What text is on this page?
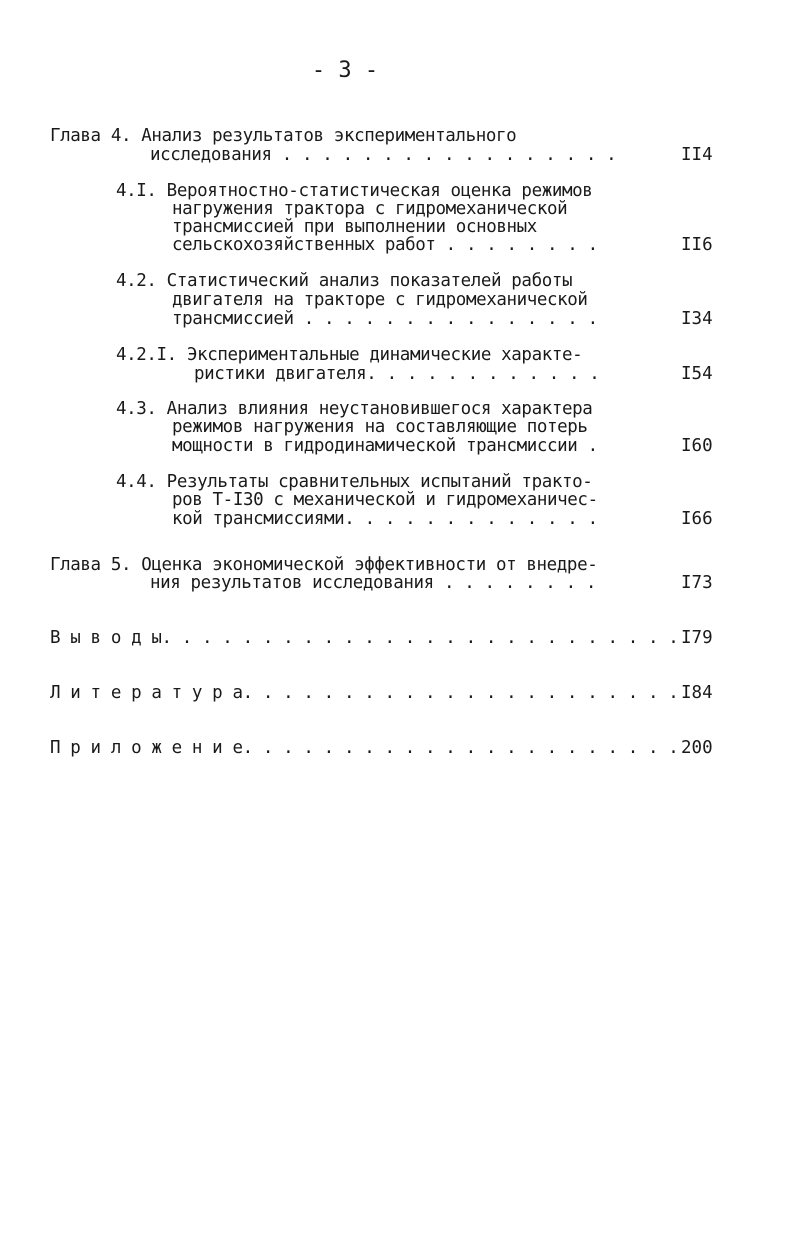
- 3 -
Глава 4. Анализ результатов экспериментального
исследования . . . . . . . . . . . . . . . . .	II4
4.I. Вероятностно-статистическая оценка режимов
нагружения трактора с гидромеханической
трансмиссией при выполнении основных
сельскохозяйственных работ . . . . . . . .	II6
4.2. Статистический анализ показателей работы
двигателя на тракторе с гидромеханической
трансмиссией . . . . . . . . . . . . . . .	I34
4.2.I. Экспериментальные динамические характе-
ристики двигателя. . . . . . . . . . . .	I54
4.3. Анализ влияния неустановившегося характера
режимов нагружения на составляющие потерь
мощности в гидродинамической трансмиссии .	I60
4.4. Результаты сравнительных испытаний тракто-
ров Т-I30 с механической и гидромеханичес-
кой трансмиссиями. . . . . . . . . . . . .	I66
Глава 5. Оценка экономической эффективности от внедре-
ния результатов исследования . . . . . . . .	I73
В ы в о д ы. . . . . . . . . . . . . . . . . . . . . . . . . . I79
Л и т е р а т у р а. . . . . . . . . . . . . . . . . . . . . . I84
П р и л о ж е н и е. . . . . . . . . . . . . . . . . . . . . . 200
